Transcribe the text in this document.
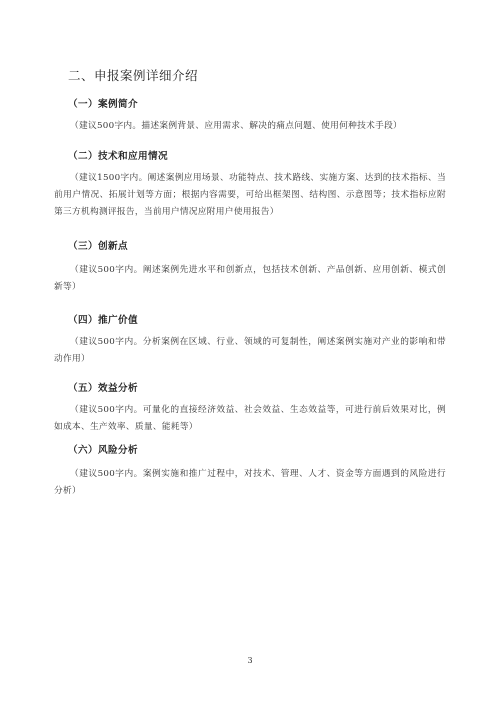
二、申报案例详细介绍
（一）案例简介
（建议500字内。描述案例背景、应用需求、解决的痛点问题、使用何种技术手段）
（二）技术和应用情况
（建议1500字内。阐述案例应用场景、功能特点、技术路线、实施方案、达到的技术指标、当前用户情况、拓展计划等方面；根据内容需要，可给出框架图、结构图、示意图等；技术指标应附第三方机构测评报告，当前用户情况应附用户使用报告）
（三）创新点
（建议500字内。阐述案例先进水平和创新点，包括技术创新、产品创新、应用创新、模式创新等）
（四）推广价值
（建议500字内。分析案例在区域、行业、领域的可复制性，阐述案例实施对产业的影响和带动作用）
（五）效益分析
（建议500字内。可量化的直接经济效益、社会效益、生态效益等，可进行前后效果对比，例如成本、生产效率、质量、能耗等）
（六）风险分析
（建议500字内。案例实施和推广过程中，对技术、管理、人才、资金等方面遇到的风险进行分析）
3
